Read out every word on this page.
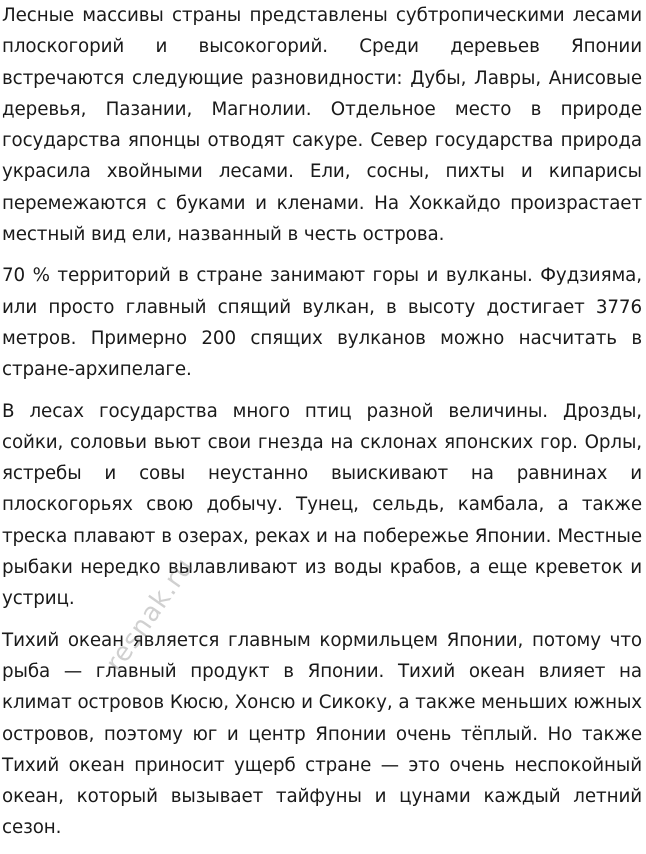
Лесные массивы страны представлены субтропическими лесами плоскогорий и высокогорий. Среди деревьев Японии встречаются следующие разновидности: Дубы, Лавры, Анисовые деревья, Пазании, Магнолии. Отдельное место в природе государства японцы отводят сакуре. Север государства природа украсила хвойными лесами. Ели, сосны, пихты и кипарисы перемежаются с буками и кленами. На Хоккайдо произрастает местный вид ели, названный в честь острова.

70 % территорий в стране занимают горы и вулканы. Фудзияма, или просто главный спящий вулкан, в высоту достигает 3776 метров. Примерно 200 спящих вулканов можно насчитать в стране-архипелаге.

В лесах государства много птиц разной величины. Дрозды, сойки, соловьи вьют свои гнезда на склонах японских гор. Орлы, ястребы и совы неустанно выискивают на равнинах и плоскогорьях свою добычу. Тунец, сельдь, камбала, а также треска плавают в озерах, реках и на побережье Японии. Местные рыбаки нередко вылавливают из воды крабов, а еще креветок и устриц.

Тихий океан является главным кормильцем Японии, потому что рыба — главный продукт в Японии. Тихий океан влияет на климат островов Кюсю, Хонсю и Сикоку, а также меньших южных островов, поэтому юг и центр Японии очень тёплый. Но также Тихий океан приносит ущерб стране — это очень неспокойный океан, который вызывает тайфуны и цунами каждый летний сезон.

resnak.ru
